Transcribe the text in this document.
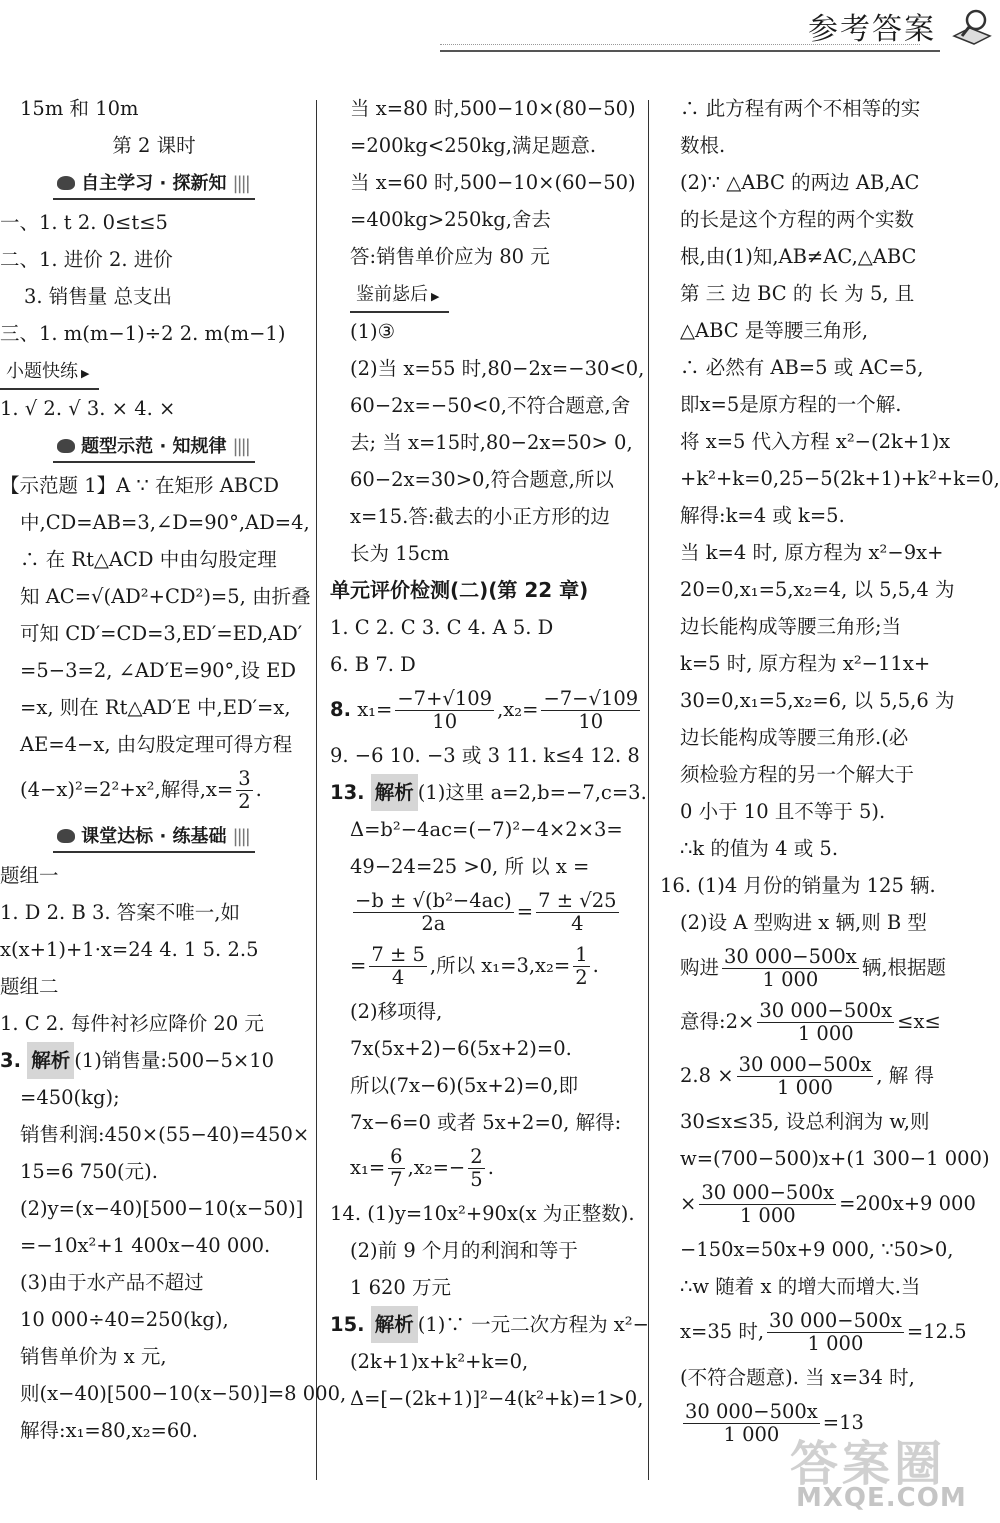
参考答案
15m 和 10m
第 2 课时
自主学习 · 探新知 ||||
一、1. t 2. 0≤t≤5
二、1. 进价 2. 进价
3. 销售量 总支出
三、1. m(m−1)÷2 2. m(m−1)
小题快练 ▶
1. √ 2. √ 3. × 4. ×
题型示范 · 知规律 ||||
【示范题 1】A ∵ 在矩形 ABCD
中,CD=AB=3,∠D=90°,AD=4,
∴ 在 Rt△ACD 中由勾股定理
知 AC=√(AD²+CD²)=5, 由折叠
可知 CD′=CD=3,ED′=ED,AD′
=5−3=2, ∠AD′E=90°,设 ED
=x, 则在 Rt△AD′E 中,ED′=x,
AE=4−x, 由勾股定理可得方程
(4−x)²=2²+x²,解得$,x= \frac{3}{2}$ .
课堂达标 · 练基础 ||||
题组一
1. D 2. B 3. 答案不唯一,如
x(x+1)+1·x=24 4. 1 5. 2.5
题组二
1. C 2. 每件衬衫应降价 20 元
3. 解析 (1)销售量:500−5×10
=450(kg);
销售利润:450×(55−40)=450×
15=6 750(元).
(2)y=(x−40)[500−10(x−50)]
=−10x²+1 400x−40 000.
(3)由于水产品不超过
10 000÷40=250(kg),
销售单价为 x 元,
则(x−40)[500−10(x−50)]=8 000,
解得:x₁=80,x₂=60.
当 x=80 时,500−10×(80−50)
=200kg<250kg,满足题意.
当 x=60 时,500−10×(60−50)
=400kg>250kg,舍去
答:销售单价应为 80 元
鉴前毖后 ▶
(1)③
(2)当 x=55 时,80−2x=−30<0,
60−2x=−50<0,不符合题意,舍
去; 当 x=15时,80−2x=50> 0,
60−2x=30>0,符合题意,所以
x=15.答:截去的小正方形的边
长为 15cm
单元评价检测(二)(第 22 章)
1. C 2. C 3. C 4. A 5. D
6. B 7. D
8. $x_1= \frac{-7+√109}{10} ,x_2= \frac{-7-√109}{10}$
9. −6 10. −3 或 3 11. k≤4 12. 8
13. 解析 (1)这里 a=2,b=−7,c=3.
Δ=b²−4ac=(−7)²−4×2×3=
49−24=25 >0, 所 以 x =
$\frac{\text{−b ± √(b²−4ac)}}{2a} = \frac{7 \pm √25}{4}$
= $\frac{7 \pm 5}{4}$ ,所以 $x_1=3,x_2= \frac{1}{2}$ .
(2)移项得,
7x(5x+2)−6(5x+2)=0.
所以(7x−6)(5x+2)=0,即
7x−6=0 或者 5x+2=0, 解得:
$x_1= \frac{6}{7} ,x_2=- \frac{2}{5}$ .
14. (1)y=10x²+90x(x 为正整数).
(2)前 9 个月的利润和等于
1 620 万元
15. 解析 (1)∵ 一元二次方程为 x²−
(2k+1)x+k²+k=0,
Δ=[−(2k+1)]²−4(k²+k)=1>0,
∴ 此方程有两个不相等的实
数根.
(2)∵ △ABC 的两边 AB,AC
的长是这个方程的两个实数
根,由(1)知,AB≠AC,△ABC
第 三 边 BC 的 长 为 5, 且
△ABC 是等腰三角形,
∴ 必然有 AB=5 或 AC=5,
即x=5是原方程的一个解.
将 x=5 代入方程 x²−(2k+1)x
+k²+k=0,25−5(2k+1)+k²+k=0,
解得:k=4 或 k=5.
当 k=4 时, 原方程为 x²−9x+
20=0,x₁=5,x₂=4, 以 5,5,4 为
边长能构成等腰三角形;当
k=5 时, 原方程为 x²−11x+
30=0,x₁=5,x₂=6, 以 5,5,6 为
边长能构成等腰三角形.(必
须检验方程的另一个解大于
0 小于 10 且不等于 5).
∴k 的值为 4 或 5.
16. (1)4 月份的销量为 125 辆.
(2)设 A 型购进 x 辆,则 B 型
购进 $\frac{30 000-500x}{1 000}$ 辆,根据题
意得:2× $\frac{30 000-500x}{1 000} \le x\le$
$2.8 \times \frac{30 000-500x}{1 000}$ , 解 得
30≤x≤35, 设总利润为 w,则
w=(700−500)x+(1 300−1 000)
× $\frac{30 000-500x}{1 000} =200x+9$ 000
−150x=50x+9 000, ∵50>0,
∴w 随着 x 的增大而增大.当
x=35 时, $\frac{30 000-500x}{1 000} =12.5$
(不符合题意). 当 x=34 时,
$\frac{30 000-500x}{1 000} =13$
答案圈
MXQE.COM
